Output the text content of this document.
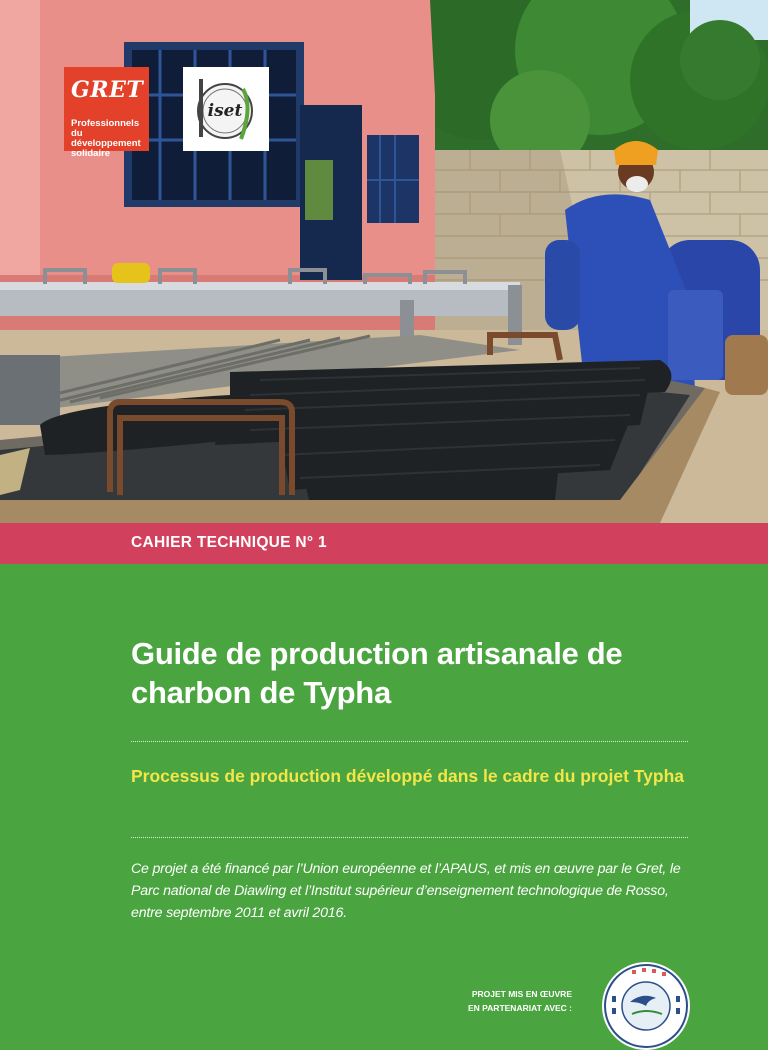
GRET
Professionnels du développement solidaire
iset
CAHIER TECHNIQUE N° 1
Guide de production artisanale de charbon de Typha

Processus de production développé dans le cadre du projet Typha

Ce projet a été financé par l’Union européenne et l’APAUS, et mis en œuvre par le Gret, le Parc national de Diawling et l’Institut supérieur d’enseignement technologique de Rosso, entre septembre 2011 et avril 2016.

PROJET MIS EN ŒUVRE
EN PARTENARIAT AVEC :
